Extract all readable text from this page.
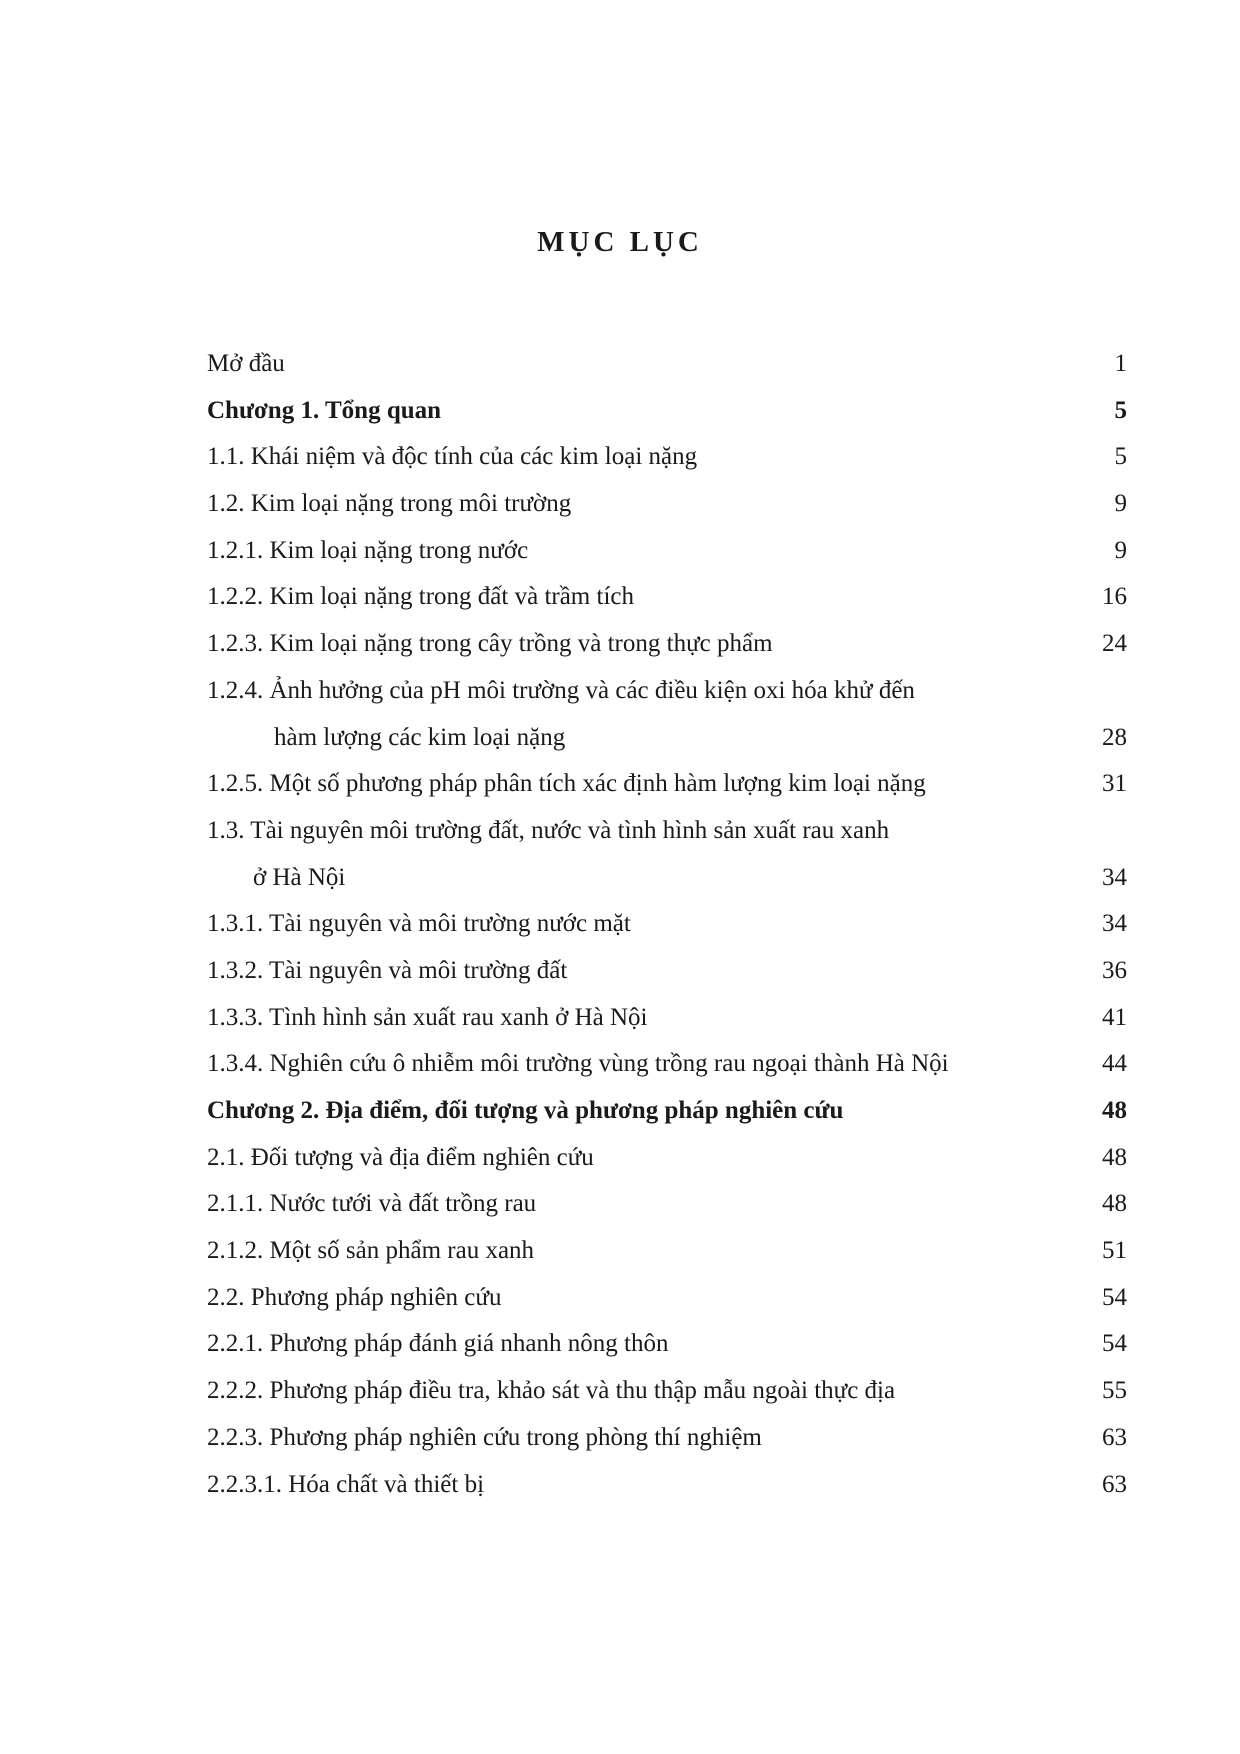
MỤC LỤC
Mở đầu	1
Chương 1. Tổng quan	5
1.1. Khái niệm và độc tính của các kim loại nặng	5
1.2. Kim loại nặng trong môi trường	9
1.2.1. Kim loại nặng trong nước	9
1.2.2. Kim loại nặng trong đất và trầm tích	16
1.2.3. Kim loại nặng trong cây trồng và trong thực phẩm	24
1.2.4. Ảnh hưởng của pH môi trường và các điều kiện oxi hóa khử đến
hàm lượng các kim loại nặng	28
1.2.5. Một số phương pháp phân tích xác định hàm lượng kim loại nặng	31
1.3. Tài nguyên môi trường đất, nước và tình hình sản xuất rau xanh
ở Hà Nội	34
1.3.1. Tài nguyên và môi trường nước mặt	34
1.3.2. Tài nguyên và môi trường đất	36
1.3.3. Tình hình sản xuất rau xanh ở Hà Nội	41
1.3.4. Nghiên cứu ô nhiễm môi trường vùng trồng rau ngoại thành Hà Nội	44
Chương 2. Địa điểm, đối tượng và phương pháp nghiên cứu	48
2.1. Đối tượng và địa điểm nghiên cứu	48
2.1.1. Nước tưới và đất trồng rau	48
2.1.2. Một số sản phẩm rau xanh	51
2.2. Phương pháp nghiên cứu	54
2.2.1. Phương pháp đánh giá nhanh nông thôn	54
2.2.2. Phương pháp điều tra, khảo sát và thu thập mẫu ngoài thực địa	55
2.2.3. Phương pháp nghiên cứu trong phòng thí nghiệm	63
2.2.3.1. Hóa chất và thiết bị	63
